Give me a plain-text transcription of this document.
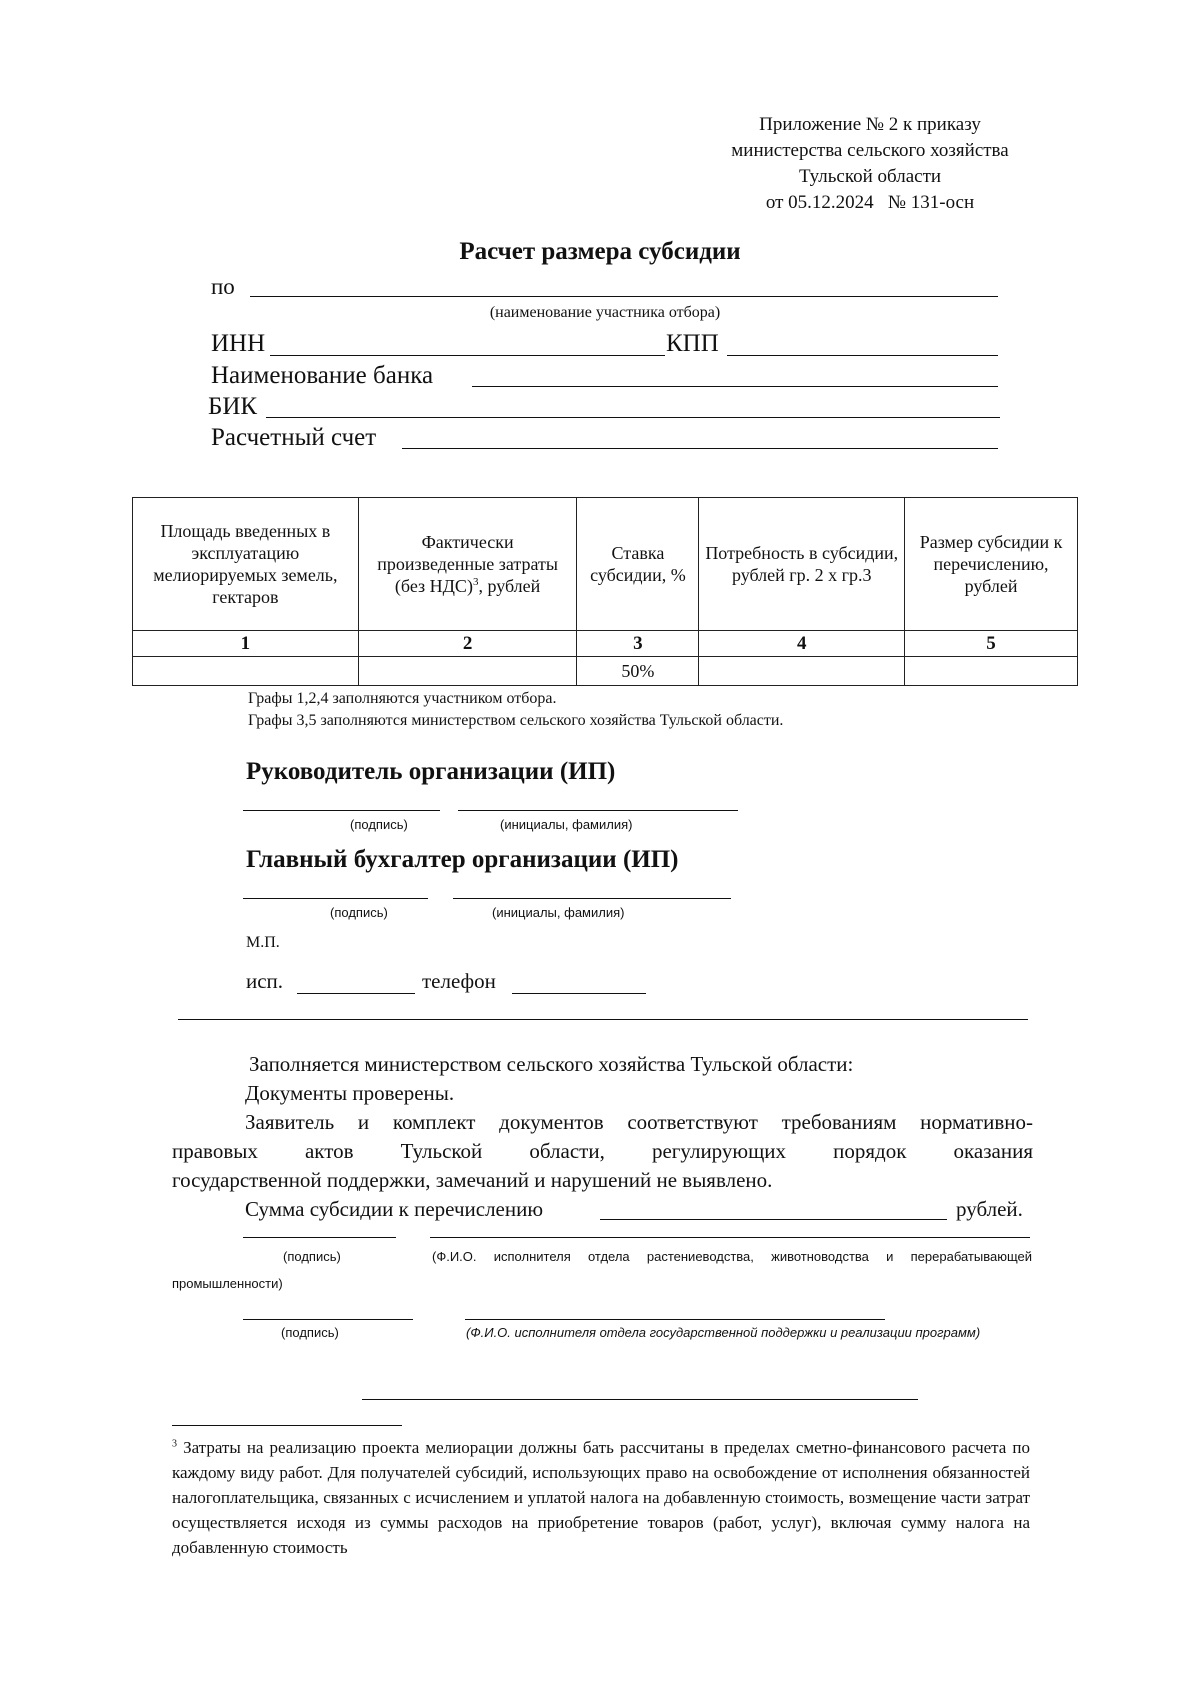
Приложение № 2 к приказу
министерства сельского хозяйства
Тульской области
от 05.12.2024   № 131-осн
Расчет размера субсидии
по
(наименование участника отбора)
ИНН	КПП
Наименование банка
БИК
Расчетный счет
Площадь введенных в эксплуатацию мелиорируемых земель, гектаров	Фактически произведенные затраты (без НДС)$^3$, рублей	Ставка субсидии, %	Потребность в субсидии, рублей гр. 2 х гр.3	Размер субсидии к перечислению, рублей
1	2	3	4	5
		50%		
Графы 1,2,4 заполняются участником отбора.
Графы 3,5 заполняются министерством сельского хозяйства Тульской области.
Руководитель организации (ИП)
(подпись)	(инициалы, фамилия)
Главный бухгалтер организации (ИП)
(подпись)	(инициалы, фамилия)
М.П.
исп.	телефон
Заполняется министерством сельского хозяйства Тульской области:
Документы проверены.
Заявитель и комплект документов соответствуют требованиям нормативно-
правовых актов Тульской области, регулирующих порядок оказания
государственной поддержки, замечаний и нарушений не выявлено.
Сумма субсидии к перечислению	рублей.
(подпись)	(Ф.И.О. исполнителя отдела растениеводства, животноводства и перерабатывающей
промышленности)
(подпись)	(Ф.И.О. исполнителя отдела государственной поддержки и реализации программ)
$^3$ Затраты на реализацию проекта мелиорации должны бать рассчитаны в пределах сметно-финансового расчета по каждому виду работ. Для получателей субсидий, использующих право на освобождение от исполнения обязанностей налогоплательщика, связанных с исчислением и уплатой налога на добавленную стоимость, возмещение части затрат осуществляется исходя из суммы расходов на приобретение товаров (работ, услуг), включая сумму налога на добавленную стоимость
